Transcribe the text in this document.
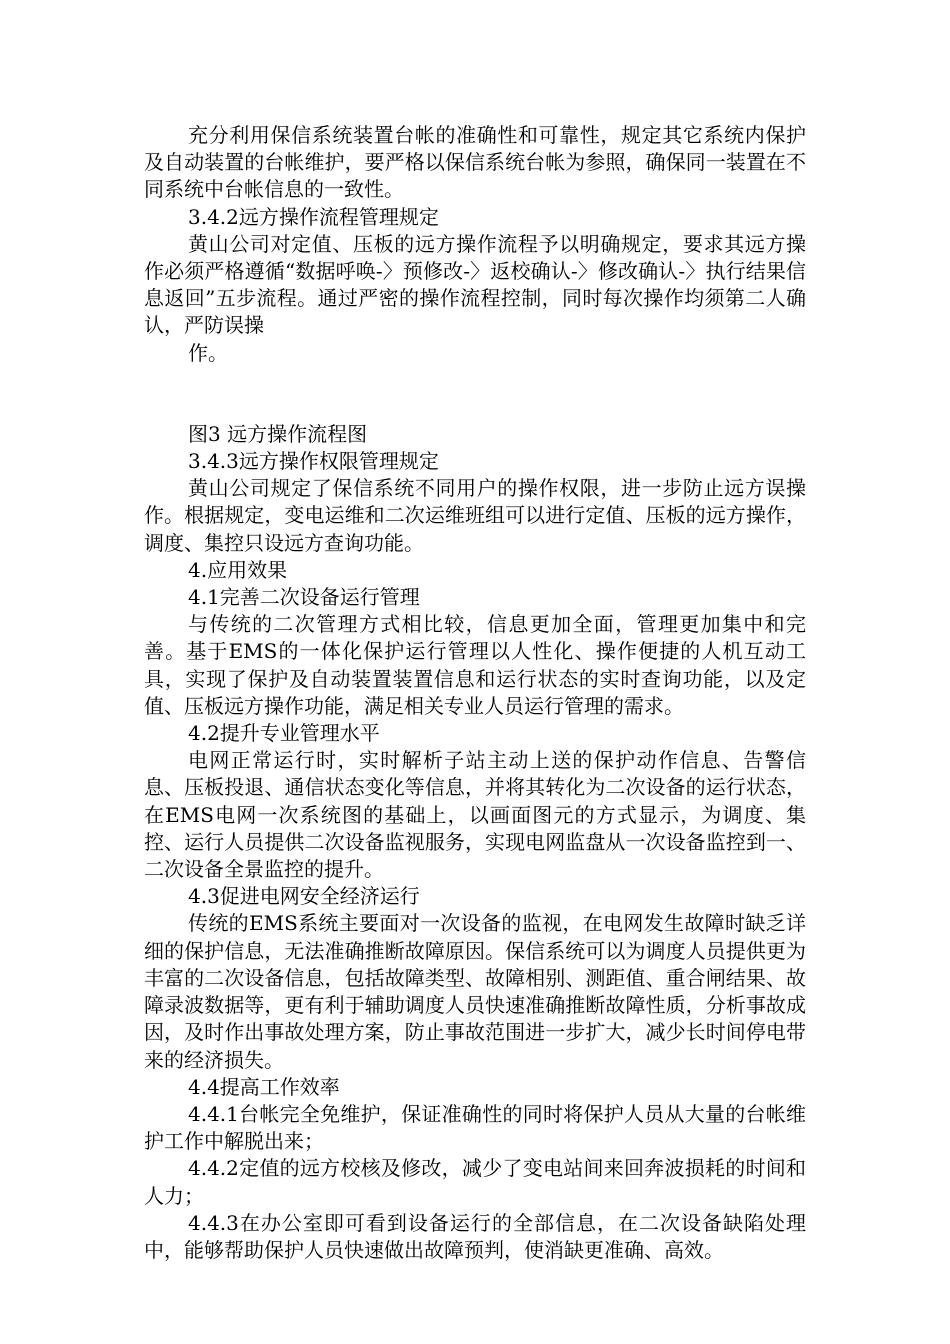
充分利用保信系统装置台帐的准确性和可靠性，规定其它系统内保护及自动装置的台帐维护，要严格以保信系统台帐为参照，确保同一装置在不同系统中台帐信息的一致性。

3.4.2远方操作流程管理规定

黄山公司对定值、压板的远方操作流程予以明确规定，要求其远方操作必须严格遵循“数据呼唤-〉预修改-〉返校确认-〉修改确认-〉执行结果信息返回”五步流程。通过严密的操作流程控制，同时每次操作均须第二人确认，严防误操

作。

图3 远方操作流程图

3.4.3远方操作权限管理规定

黄山公司规定了保信系统不同用户的操作权限，进一步防止远方误操作。根据规定，变电运维和二次运维班组可以进行定值、压板的远方操作，调度、集控只设远方查询功能。

4.应用效果

4.1完善二次设备运行管理

与传统的二次管理方式相比较，信息更加全面，管理更加集中和完善。基于EMS的一体化保护运行管理以人性化、操作便捷的人机互动工具，实现了保护及自动装置装置信息和运行状态的实时查询功能，以及定值、压板远方操作功能，满足相关专业人员运行管理的需求。

4.2提升专业管理水平

电网正常运行时，实时解析子站主动上送的保护动作信息、告警信息、压板投退、通信状态变化等信息，并将其转化为二次设备的运行状态，在EMS电网一次系统图的基础上，以画面图元的方式显示，为调度、集控、运行人员提供二次设备监视服务，实现电网监盘从一次设备监控到一、二次设备全景监控的提升。

4.3促进电网安全经济运行

传统的EMS系统主要面对一次设备的监视，在电网发生故障时缺乏详细的保护信息，无法准确推断故障原因。保信系统可以为调度人员提供更为丰富的二次设备信息，包括故障类型、故障相别、测距值、重合闸结果、故障录波数据等，更有利于辅助调度人员快速准确推断故障性质，分析事故成因，及时作出事故处理方案，防止事故范围进一步扩大，减少长时间停电带来的经济损失。

4.4提高工作效率

4.4.1台帐完全免维护，保证准确性的同时将保护人员从大量的台帐维护工作中解脱出来；

4.4.2定值的远方校核及修改，减少了变电站间来回奔波损耗的时间和人力；

4.4.3在办公室即可看到设备运行的全部信息，在二次设备缺陷处理中，能够帮助保护人员快速做出故障预判，使消缺更准确、高效。
